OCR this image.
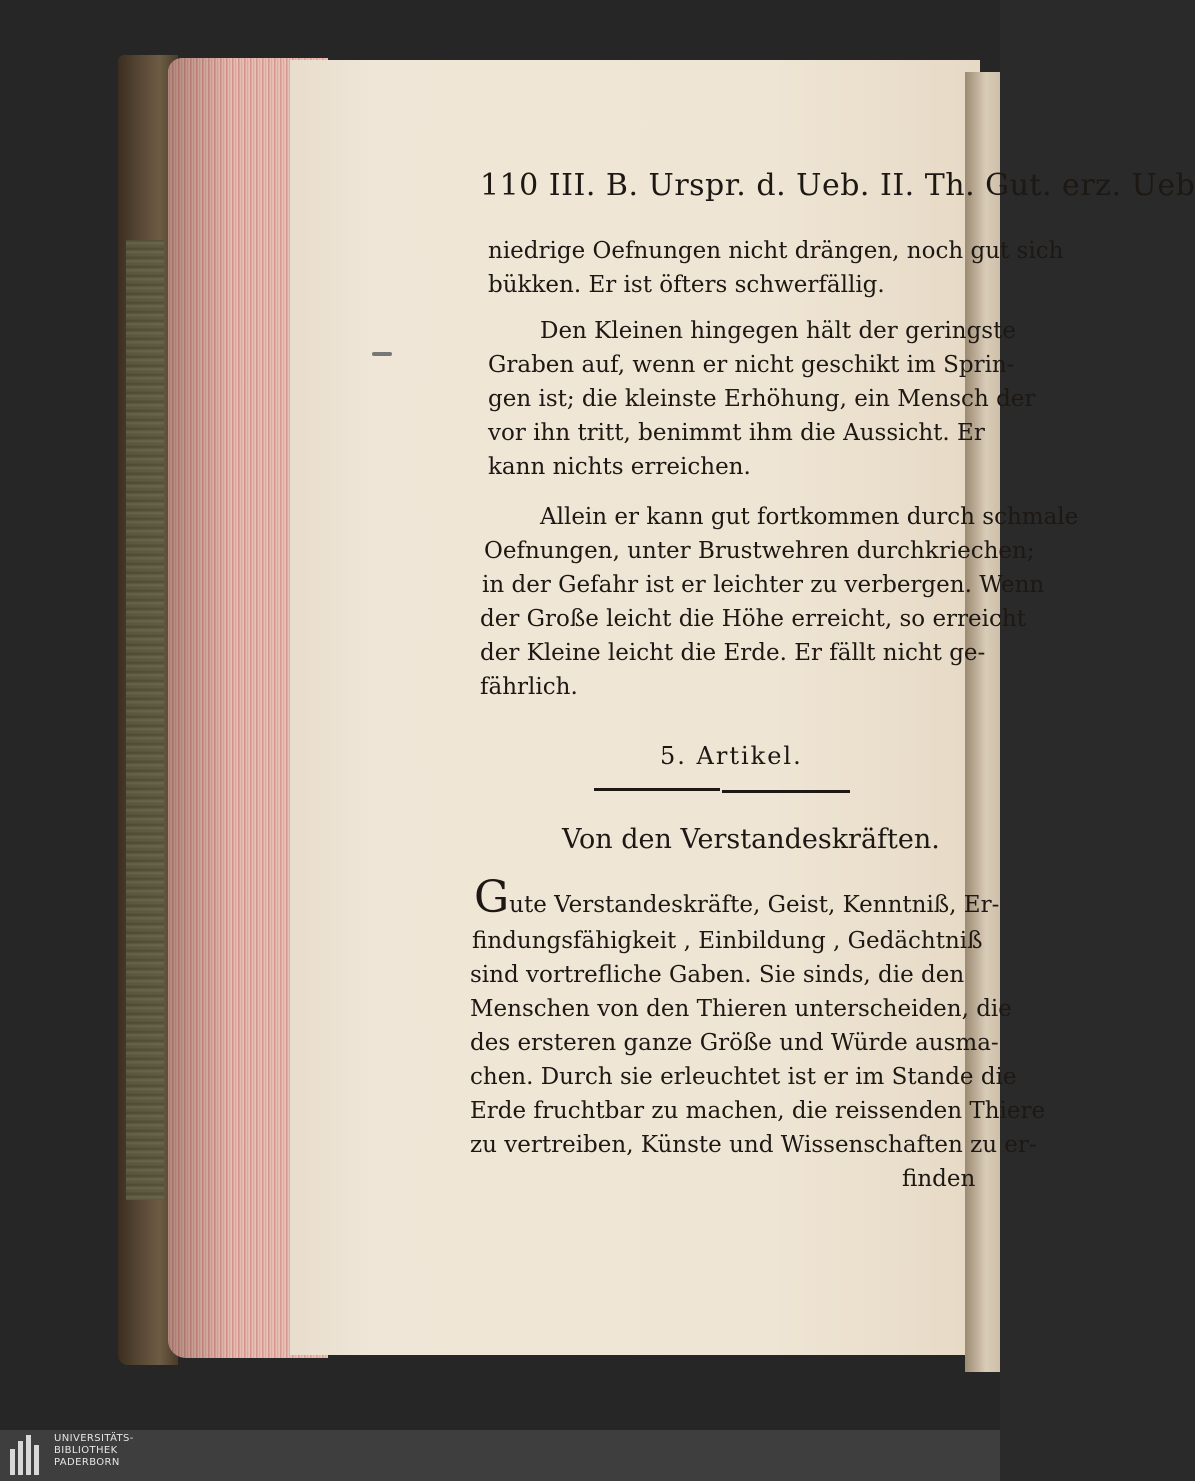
110 III. B. Urspr. d. Ueb. II. Th. Gut. erz. Ueb
niedrige Oefnungen nicht drängen, noch gut sich
bükken. Er ist öfters schwerfällig.
Den Kleinen hingegen hält der geringste
Graben auf, wenn er nicht geschikt im Sprin-
gen ist; die kleinste Erhöhung, ein Mensch der
vor ihn tritt, benimmt ihm die Aussicht. Er
kann nichts erreichen.
Allein er kann gut fortkommen durch schmale
Oefnungen, unter Brustwehren durchkriechen;
in der Gefahr ist er leichter zu verbergen. Wenn
der Große leicht die Höhe erreicht, so erreicht
der Kleine leicht die Erde. Er fällt nicht ge-
fährlich.
5. Artikel.
Von den Verstandeskräften.
Gute Verstandeskräfte, Geist, Kenntniß, Er-
findungsfähigkeit , Einbildung , Gedächtniß
sind vortrefliche Gaben. Sie sinds, die den
Menschen von den Thieren unterscheiden, die
des ersteren ganze Größe und Würde ausma-
chen. Durch sie erleuchtet ist er im Stande die
Erde fruchtbar zu machen, die reissenden Thiere
zu vertreiben, Künste und Wissenschaften zu er-
finden
UNIVERSITÄTS-
BIBLIOTHEK
PADERBORN
